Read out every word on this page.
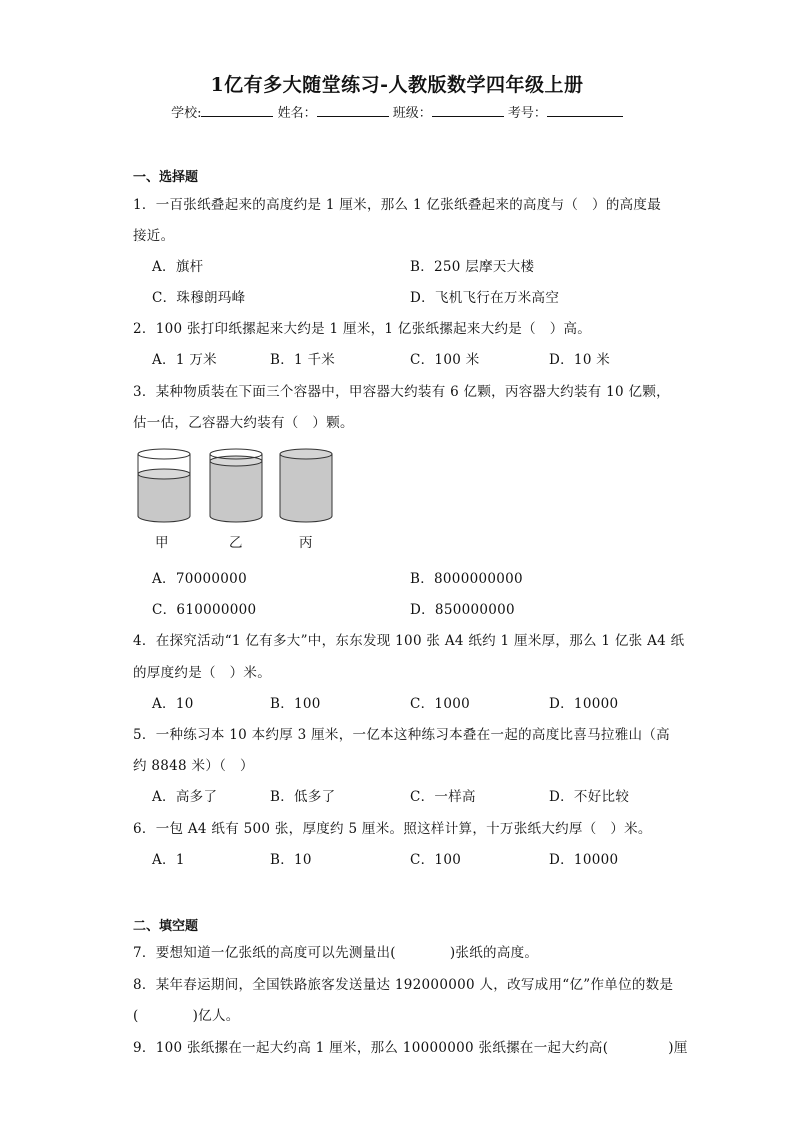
1亿有多大随堂练习-人教版数学四年级上册
学校:	姓名：	班级：	考号：
一、选择题
1．一百张纸叠起来的高度约是 1 厘米，那么 1 亿张纸叠起来的高度与（　）的高度最
接近。
A．旗杆	B．250 层摩天大楼
C．珠穆朗玛峰	D．飞机飞行在万米高空
2．100 张打印纸摞起来大约是 1 厘米，1 亿张纸摞起来大约是（　）高。
A．1 万米	B．1 千米	C．100 米	D．10 米
3．某种物质装在下面三个容器中，甲容器大约装有 6 亿颗，丙容器大约装有 10 亿颗，
估一估，乙容器大约装有（　）颗。
甲	乙	丙
A．70000000	B．8000000000
C．610000000	D．850000000
4．在探究活动“1 亿有多大”中，东东发现 100 张 A4 纸约 1 厘米厚，那么 1 亿张 A4 纸
的厚度约是（　）米。
A．10	B．100	C．1000	D．10000
5．一种练习本 10 本约厚 3 厘米，一亿本这种练习本叠在一起的高度比喜马拉雅山（高
约 8848 米）（　）
A．高多了	B．低多了	C．一样高	D．不好比较
6．一包 A4 纸有 500 张，厚度约 5 厘米。照这样计算，十万张纸大约厚（　）米。
A．1	B．10	C．100	D．10000
二、填空题
7．要想知道一亿张纸的高度可以先测量出(	)张纸的高度。
8．某年春运期间，全国铁路旅客发送量达 192000000 人，改写成用“亿”作单位的数是
(	)亿人。
9．100 张纸摞在一起大约高 1 厘米，那么 10000000 张纸摞在一起大约高(	)厘
